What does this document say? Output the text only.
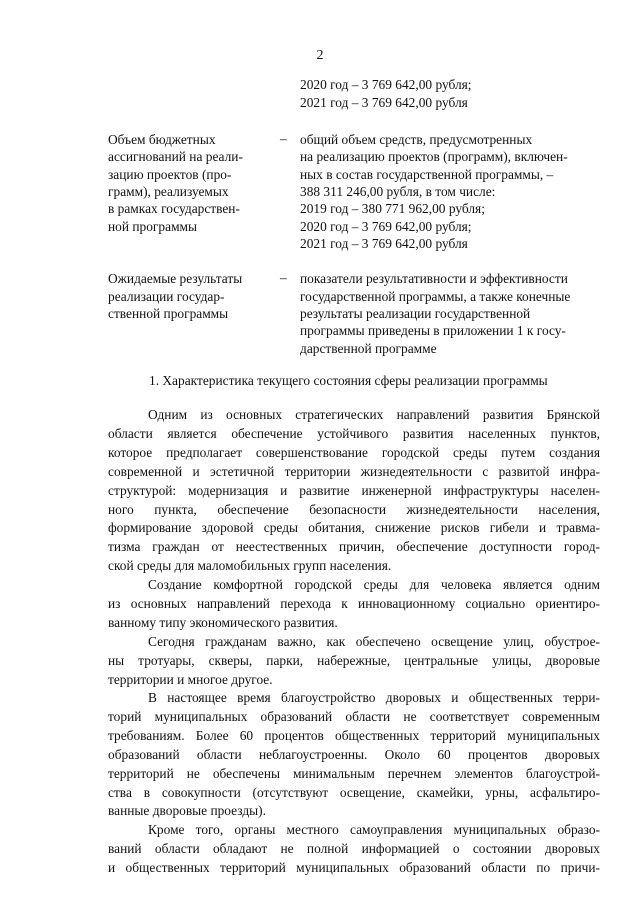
2
2020 год – 3 769 642,00 рубля;
2021 год – 3 769 642,00 рубля
Объем бюджетных
ассигнований на реали-
зацию проектов (про-
грамм), реализуемых
в рамках государствен-
ной программы
– общий объем средств, предусмотренных
на реализацию проектов (программ), включен-
ных в состав государственной программы, –
388 311 246,00 рубля, в том числе:
2019 год – 380 771 962,00 рубля;
2020 год – 3 769 642,00 рубля;
2021 год – 3 769 642,00 рубля
Ожидаемые результаты
реализации государ-
ственной программы
– показатели результативности и эффективности
государственной программы, а также конечные
результаты реализации государственной
программы приведены в приложении 1 к госу-
дарственной программе
1. Характеристика текущего состояния сферы реализации программы
Одним из основных стратегических направлений развития Брянской
области является обеспечение устойчивого развития населенных пунктов,
которое предполагает совершенствование городской среды путем создания
современной и эстетичной территории жизнедеятельности с развитой инфра-
структурой: модернизация и развитие инженерной инфраструктуры населен-
ного пункта, обеспечение безопасности жизнедеятельности населения,
формирование здоровой среды обитания, снижение рисков гибели и травма-
тизма граждан от неестественных причин, обеспечение доступности город-
ской среды для маломобильных групп населения.
Создание комфортной городской среды для человека является одним
из основных направлений перехода к инновационному социально ориентиро-
ванному типу экономического развития.
Сегодня гражданам важно, как обеспечено освещение улиц, обустрое-
ны тротуары, скверы, парки, набережные, центральные улицы, дворовые
территории и многое другое.
В настоящее время благоустройство дворовых и общественных терри-
торий муниципальных образований области не соответствует современным
требованиям. Более 60 процентов общественных территорий муниципальных
образований области неблагоустроенны. Около 60 процентов дворовых
территорий не обеспечены минимальным перечнем элементов благоустрой-
ства в совокупности (отсутствуют освещение, скамейки, урны, асфальтиро-
ванные дворовые проезды).
Кроме того, органы местного самоуправления муниципальных образо-
ваний области обладают не полной информацией о состоянии дворовых
и общественных территорий муниципальных образований области по причи-
